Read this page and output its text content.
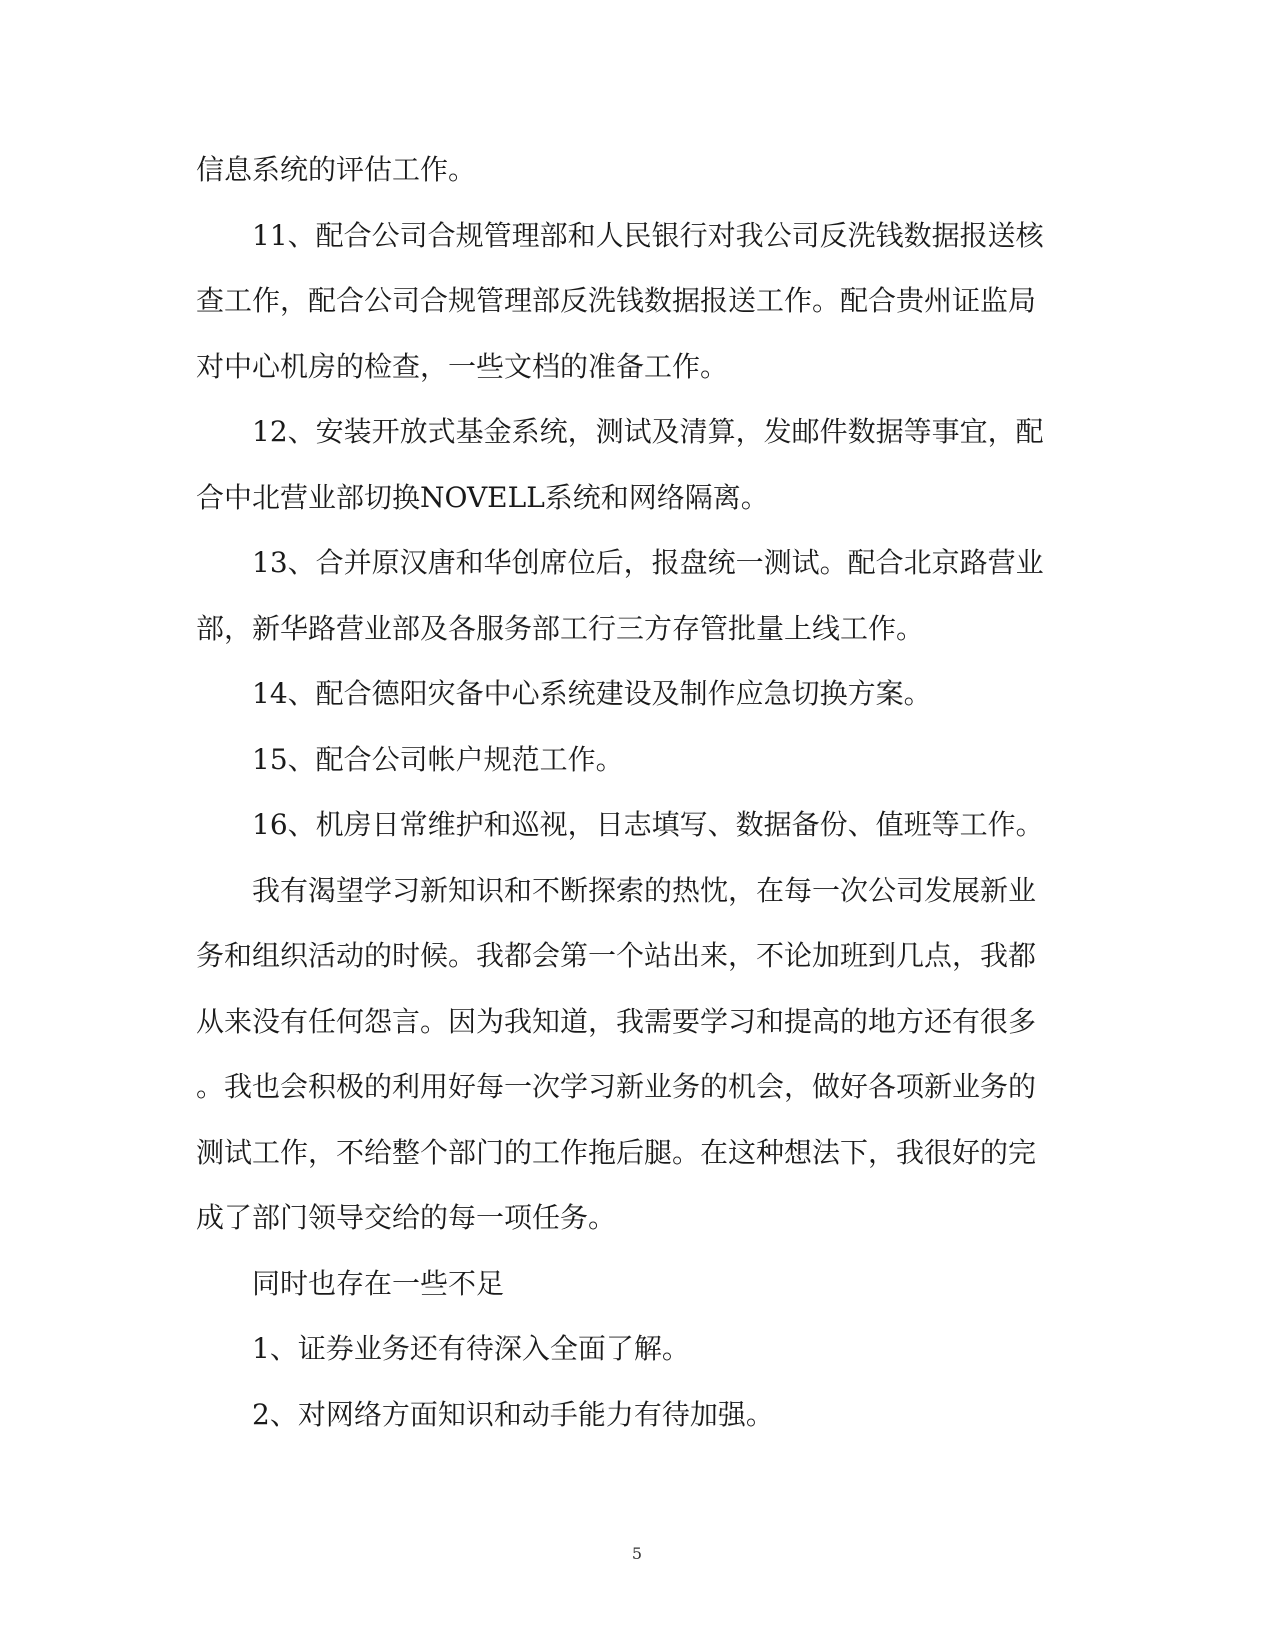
信息系统的评估工作。
11、配合公司合规管理部和人民银行对我公司反洗钱数据报送核
查工作，配合公司合规管理部反洗钱数据报送工作。配合贵州证监局
对中心机房的检查，一些文档的准备工作。
12、安装开放式基金系统，测试及清算，发邮件数据等事宜，配
合中北营业部切换NOVELL系统和网络隔离。
13、合并原汉唐和华创席位后，报盘统一测试。配合北京路营业
部，新华路营业部及各服务部工行三方存管批量上线工作。
14、配合德阳灾备中心系统建设及制作应急切换方案。
15、配合公司帐户规范工作。
16、机房日常维护和巡视，日志填写、数据备份、值班等工作。
我有渴望学习新知识和不断探索的热忱，在每一次公司发展新业
务和组织活动的时候。我都会第一个站出来，不论加班到几点，我都
从来没有任何怨言。因为我知道，我需要学习和提高的地方还有很多
。我也会积极的利用好每一次学习新业务的机会，做好各项新业务的
测试工作，不给整个部门的工作拖后腿。在这种想法下，我很好的完
成了部门领导交给的每一项任务。
同时也存在一些不足
1、证券业务还有待深入全面了解。
2、对网络方面知识和动手能力有待加强。
5
